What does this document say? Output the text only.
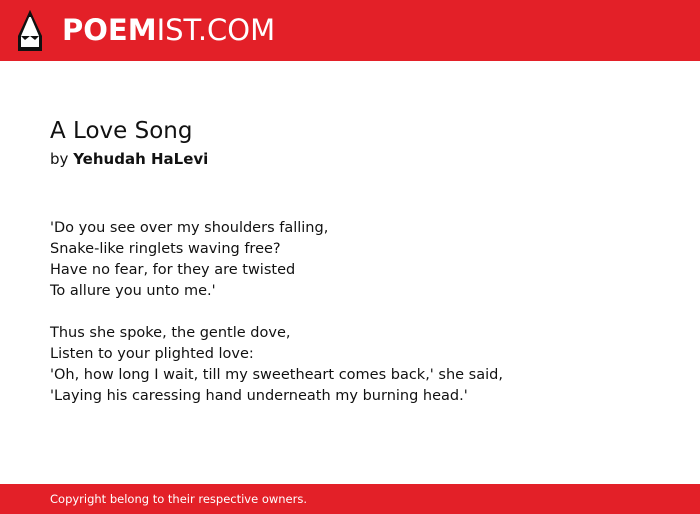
POEMIST.COM
A Love Song
by Yehudah HaLevi
'Do you see over my shoulders falling,
Snake-like ringlets waving free?
Have no fear, for they are twisted
To allure you unto me.'
Thus she spoke, the gentle dove,
Listen to your plighted love:
'Oh, how long I wait, till my sweetheart comes back,' she said,
'Laying his caressing hand underneath my burning head.'
Copyright belong to their respective owners.
